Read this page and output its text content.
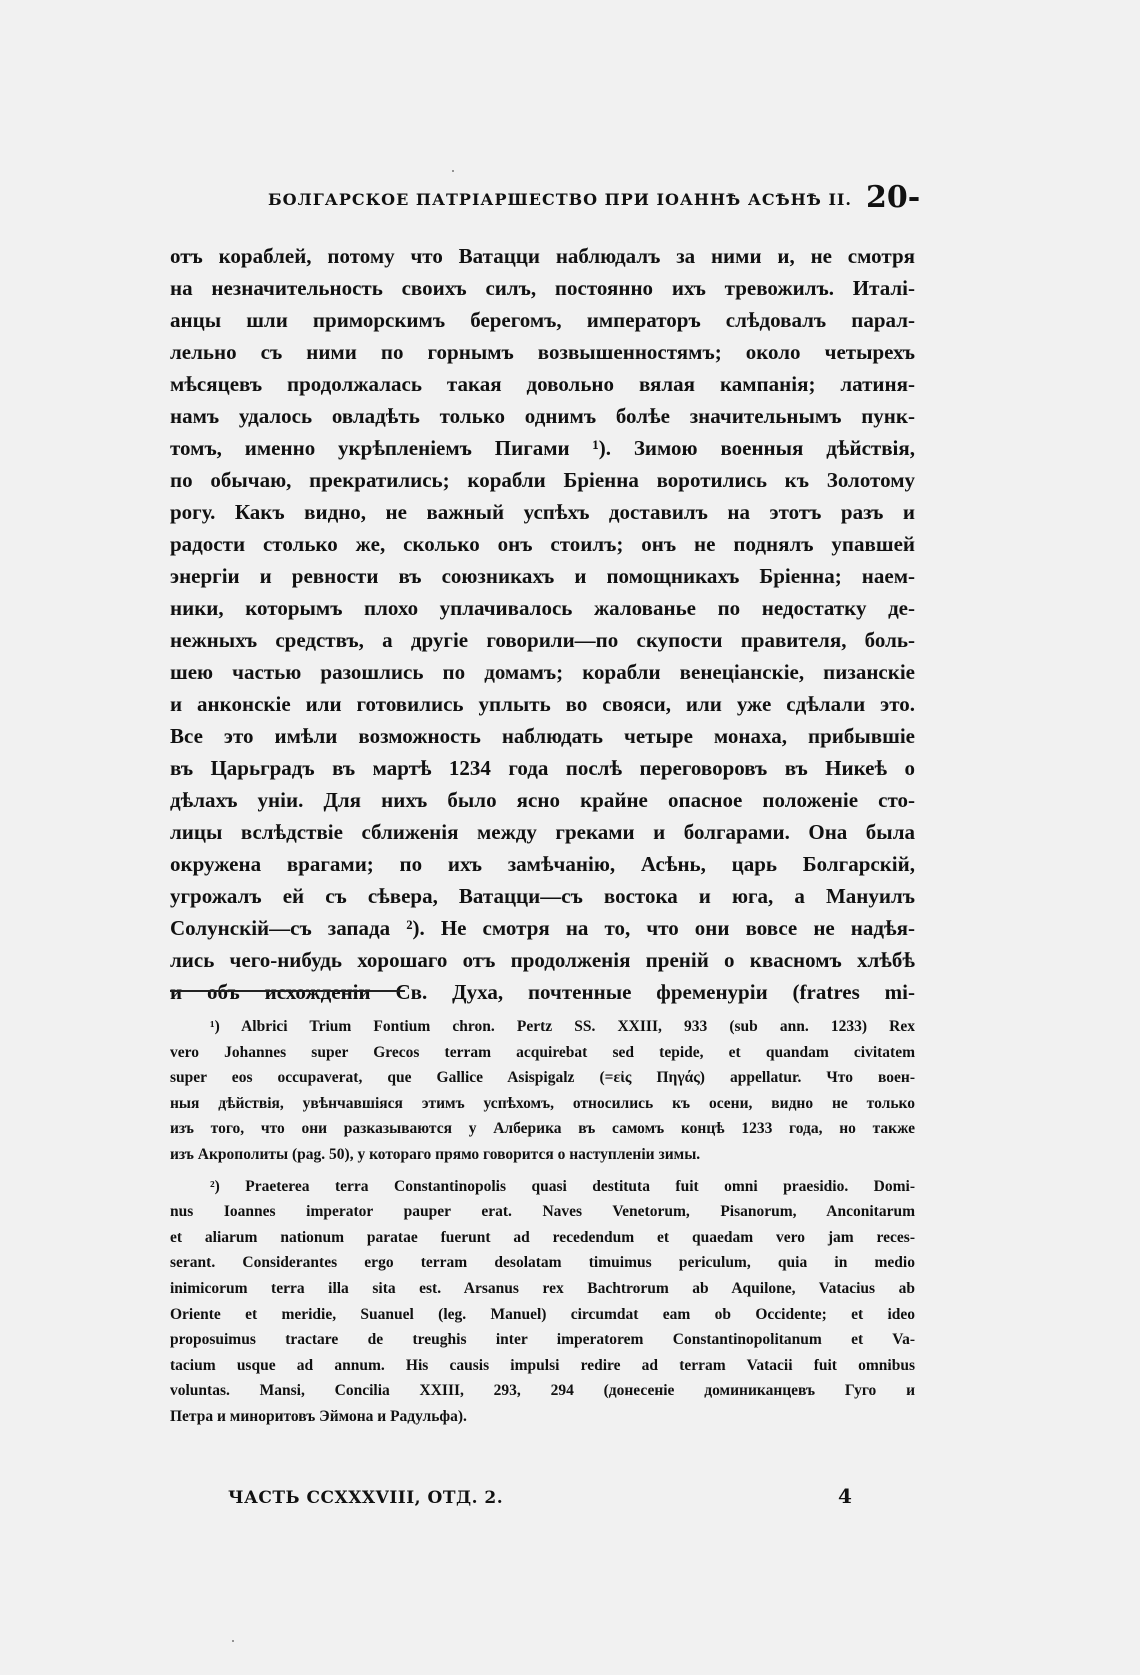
БОЛГАРСКОЕ ПАТРІАРШЕСТВО ПРИ ІОАННѢ АСѢНѢ II. 20-
отъ кораблей, потому что Ватацци наблюдалъ за ними и, не смотря
на незначительность своихъ силъ, постоянно ихъ тревожилъ. Италі-
анцы шли приморскимъ берегомъ, императоръ слѣдовалъ парал-
лельно съ ними по горнымъ возвышенностямъ; около четырехъ
мѣсяцевъ продолжалась такая довольно вялая кампанія; латиня-
намъ удалось овладѣть только однимъ болѣе значительнымъ пунк-
томъ, именно укрѣпленіемъ Пигами ¹). Зимою военныя дѣйствія,
по обычаю, прекратились; корабли Бріенна воротились къ Золотому
рогу. Какъ видно, не важный успѣхъ доставилъ на этотъ разъ и
радости столько же, сколько онъ стоилъ; онъ не поднялъ упавшей
энергіи и ревности въ союзникахъ и помощникахъ Бріенна; наем-
ники, которымъ плохо уплачивалось жалованье по недостатку де-
нежныхъ средствъ, а другіе говорили—по скупости правителя, боль-
шею частью разошлись по домамъ; корабли венеціанскіе, пизанскіе
и анконскіе или готовились уплыть во свояси, или уже сдѣлали это.
Все это имѣли возможность наблюдать четыре монаха, прибывшіе
въ Царьградъ въ мартѣ 1234 года послѣ переговоровъ въ Никеѣ о
дѣлахъ уніи. Для нихъ было ясно крайне опасное положеніе сто-
лицы вслѣдствіе сближенія между греками и болгарами. Она была
окружена врагами; по ихъ замѣчанію, Асѣнь, царь Болгарскій,
угрожалъ ей съ сѣвера, Ватацци—съ востока и юга, а Мануилъ
Солунскій—съ запада ²). Не смотря на то, что они вовсе не надѣя-
лись чего-нибудь хорошаго отъ продолженія преній о квасномъ хлѣбѣ
и объ исхожденіи Св. Духа, почтенные фременуріи (fratres mi-
¹) Albrici Trium Fontium chron. Pertz SS. XXIII, 933 (sub ann. 1233) Rex
vero Johannes super Grecos terram acquirebat sed tepide, et quandam civitatem
super eos occupaverat, que Gallice Asispigalz (=εἰς Πηγάς) appellatur. Что воен-
ныя дѣйствія, увѣнчавшіяся этимъ успѣхомъ, относились къ осени, видно не только
изъ того, что они разказываются у Алберика въ самомъ концѣ 1233 года, но также
изъ Акрополиты (pag. 50), у котораго прямо говорится о наступленіи зимы.
²) Praeterea terra Constantinopolis quasi destituta fuit omni praesidio. Domi-
nus Ioannes imperator pauper erat. Naves Venetorum, Pisanorum, Anconitarum
et aliarum nationum paratae fuerunt ad recedendum et quaedam vero jam reces-
serant. Considerantes ergo terram desolatam timuimus periculum, quia in medio
inimicorum terra illa sita est. Arsanus rex Bachtrorum ab Aquilone, Vatacius ab
Oriente et meridie, Suanuel (leg. Manuel) circumdat eam ob Occidente; et ideo
proposuimus tractare de treughis inter imperatorem Constantinopolitanum et Va-
tacium usque ad annum. His causis impulsi redire ad terram Vatacii fuit omnibus
voluntas. Mansi, Concilia XXIII, 293, 294 (донесеніе доминиканцевъ Гуго и
Петра и миноритовъ Эймона и Радульфа).
ЧАСТЬ CCXXXVIII, ОТД. 2.	4
